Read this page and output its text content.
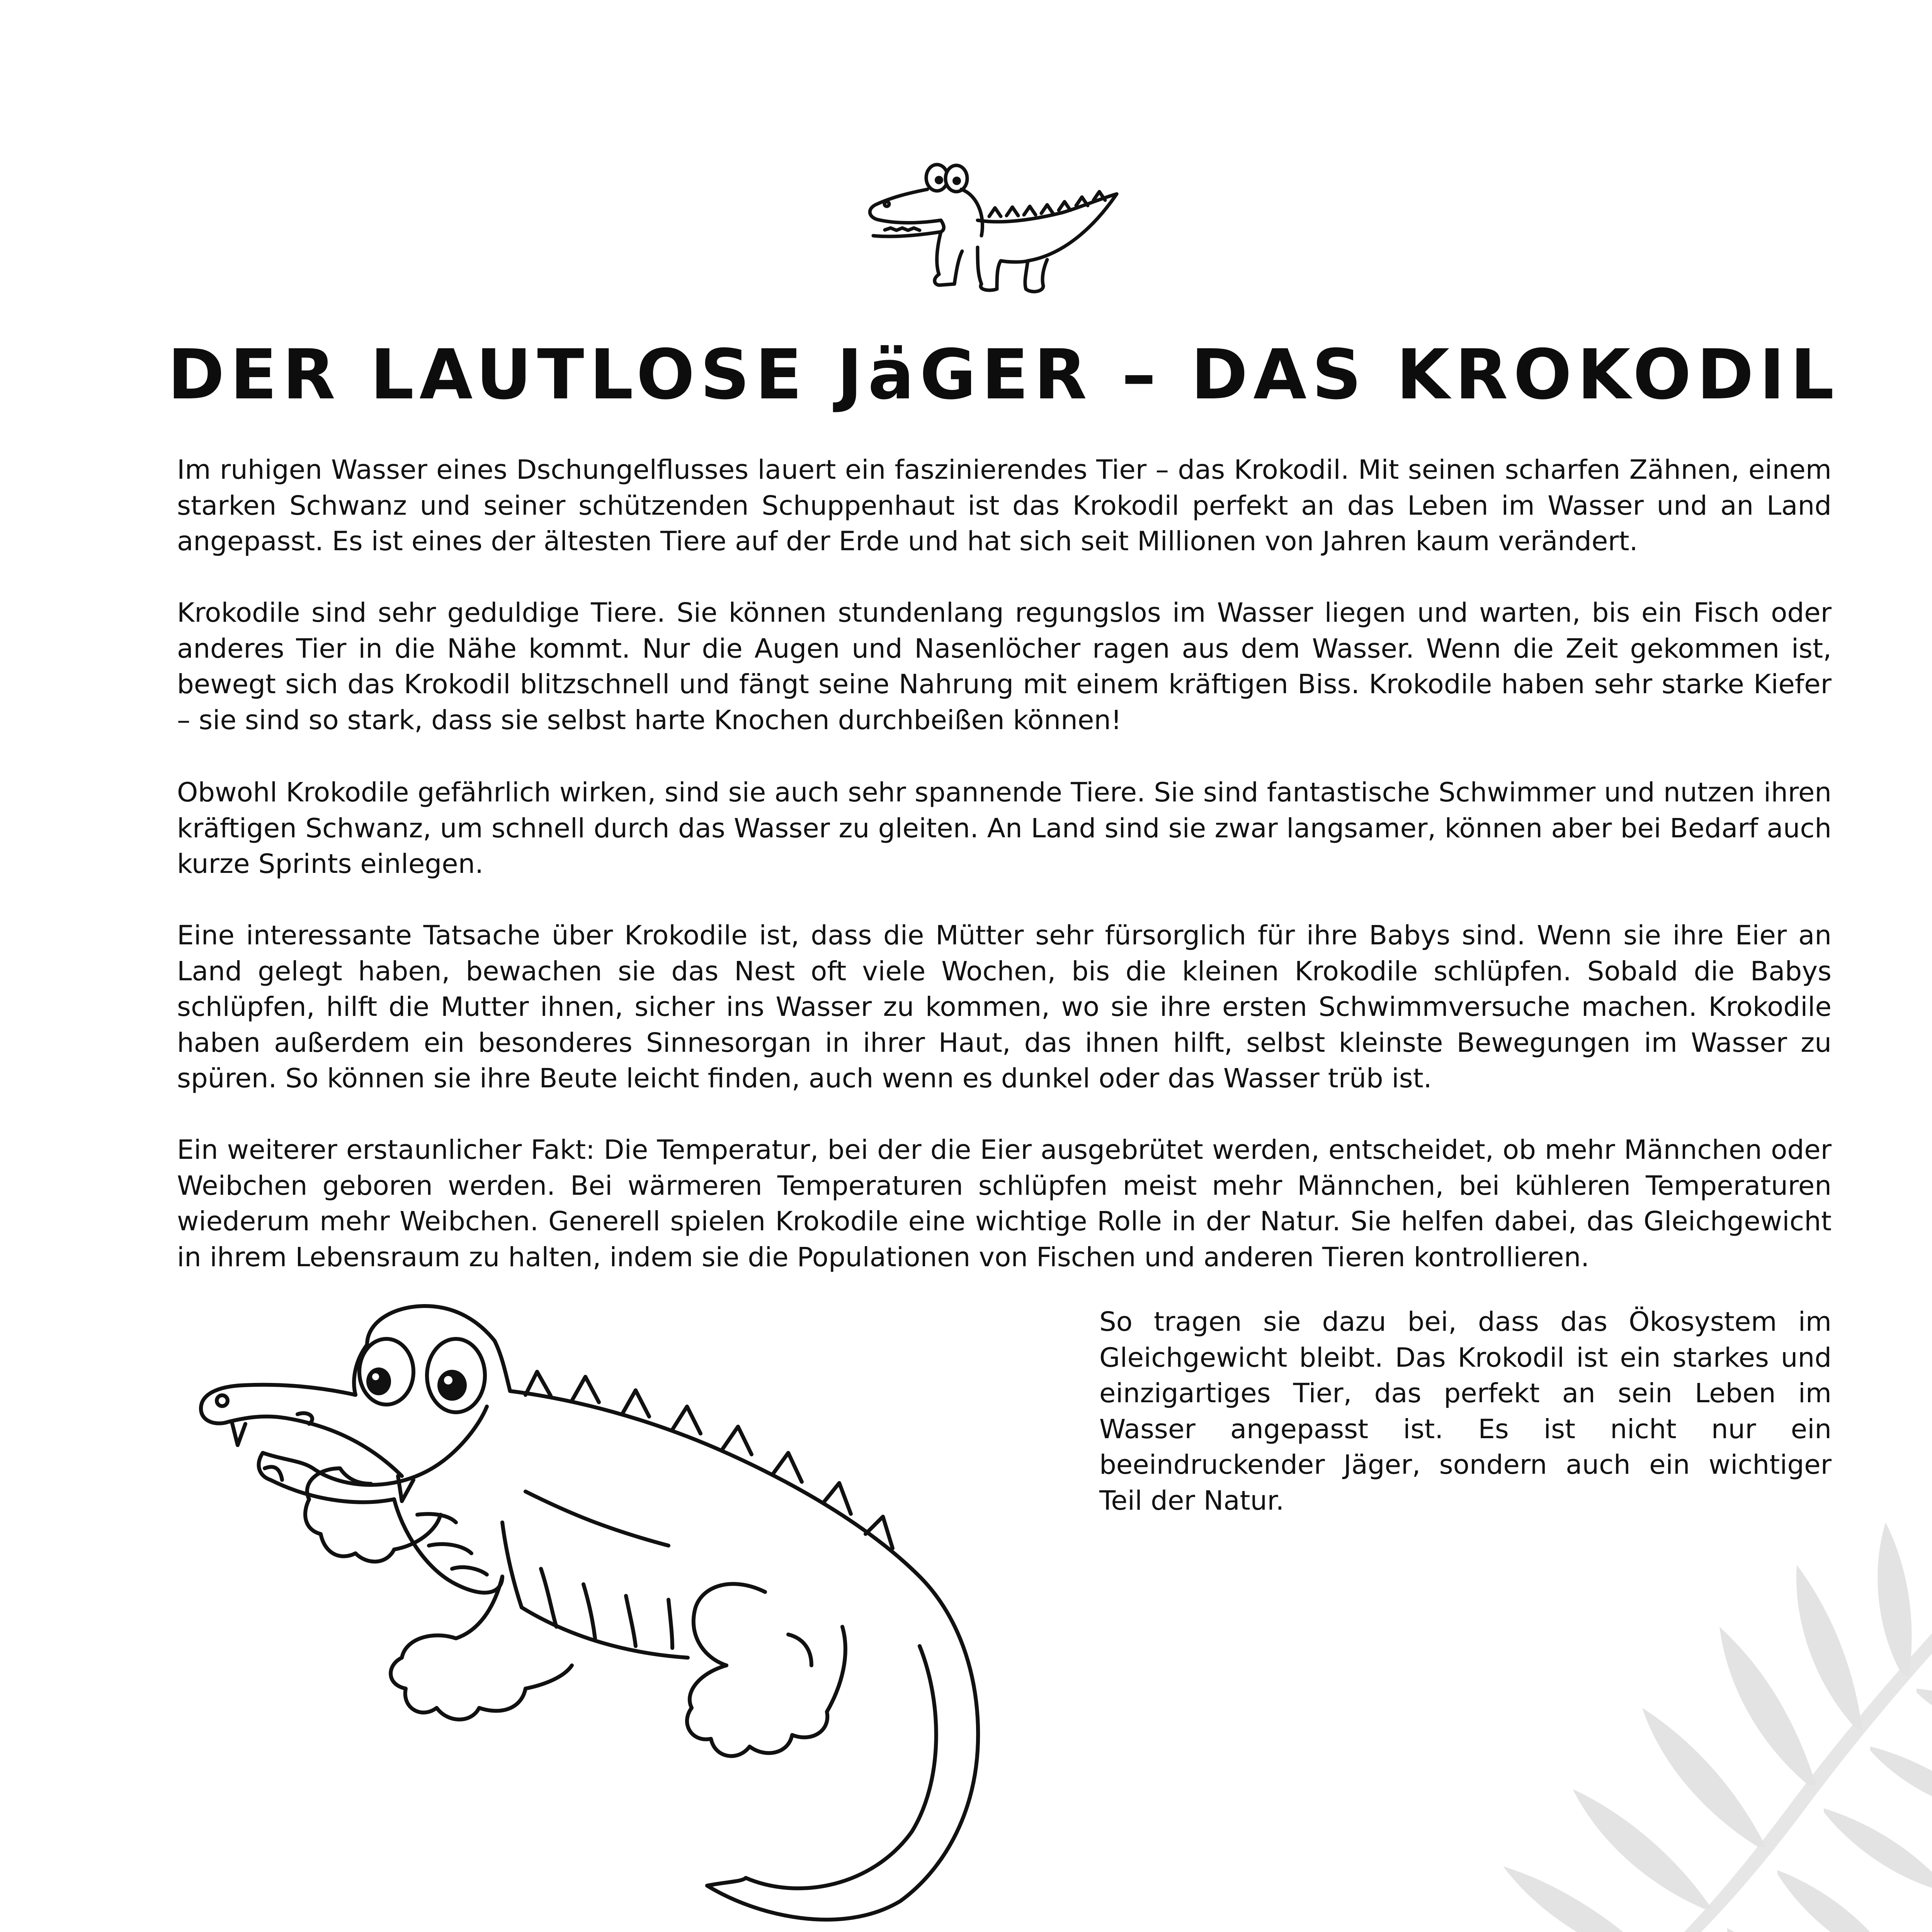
DER LAUTLOSE JäGER – DAS KROKODIL

Im ruhigen Wasser eines Dschungelflusses lauert ein faszinierendes Tier – das Krokodil. Mit seinen scharfen Zähnen, einem starken Schwanz und seiner schützenden Schuppenhaut ist das Krokodil perfekt an das Leben im Wasser und an Land angepasst. Es ist eines der ältesten Tiere auf der Erde und hat sich seit Millionen von Jahren kaum verändert.

Krokodile sind sehr geduldige Tiere. Sie können stundenlang regungslos im Wasser liegen und warten, bis ein Fisch oder anderes Tier in die Nähe kommt. Nur die Augen und Nasenlöcher ragen aus dem Wasser. Wenn die Zeit gekommen ist, bewegt sich das Krokodil blitzschnell und fängt seine Nahrung mit einem kräftigen Biss. Krokodile haben sehr starke Kiefer – sie sind so stark, dass sie selbst harte Knochen durchbeißen können!

Obwohl Krokodile gefährlich wirken, sind sie auch sehr spannende Tiere. Sie sind fantastische Schwimmer und nutzen ihren kräftigen Schwanz, um schnell durch das Wasser zu gleiten. An Land sind sie zwar langsamer, können aber bei Bedarf auch kurze Sprints einlegen.

Eine interessante Tatsache über Krokodile ist, dass die Mütter sehr fürsorglich für ihre Babys sind. Wenn sie ihre Eier an Land gelegt haben, bewachen sie das Nest oft viele Wochen, bis die kleinen Krokodile schlüpfen. Sobald die Babys schlüpfen, hilft die Mutter ihnen, sicher ins Wasser zu kommen, wo sie ihre ersten Schwimmversuche machen. Krokodile haben außerdem ein besonderes Sinnesorgan in ihrer Haut, das ihnen hilft, selbst kleinste Bewegungen im Wasser zu spüren. So können sie ihre Beute leicht finden, auch wenn es dunkel oder das Wasser trüb ist.

Ein weiterer erstaunlicher Fakt: Die Temperatur, bei der die Eier ausgebrütet werden, entscheidet, ob mehr Männchen oder Weibchen geboren werden. Bei wärmeren Temperaturen schlüpfen meist mehr Männchen, bei kühleren Temperaturen wiederum mehr Weibchen. Generell spielen Krokodile eine wichtige Rolle in der Natur. Sie helfen dabei, das Gleichgewicht in ihrem Lebensraum zu halten, indem sie die Populationen von Fischen und anderen Tieren kontrollieren.

So tragen sie dazu bei, dass das Ökosystem im Gleichgewicht bleibt. Das Krokodil ist ein starkes und einzigartiges Tier, das perfekt an sein Leben im Wasser angepasst ist. Es ist nicht nur ein beeindruckender Jäger, sondern auch ein wichtiger Teil der Natur.
